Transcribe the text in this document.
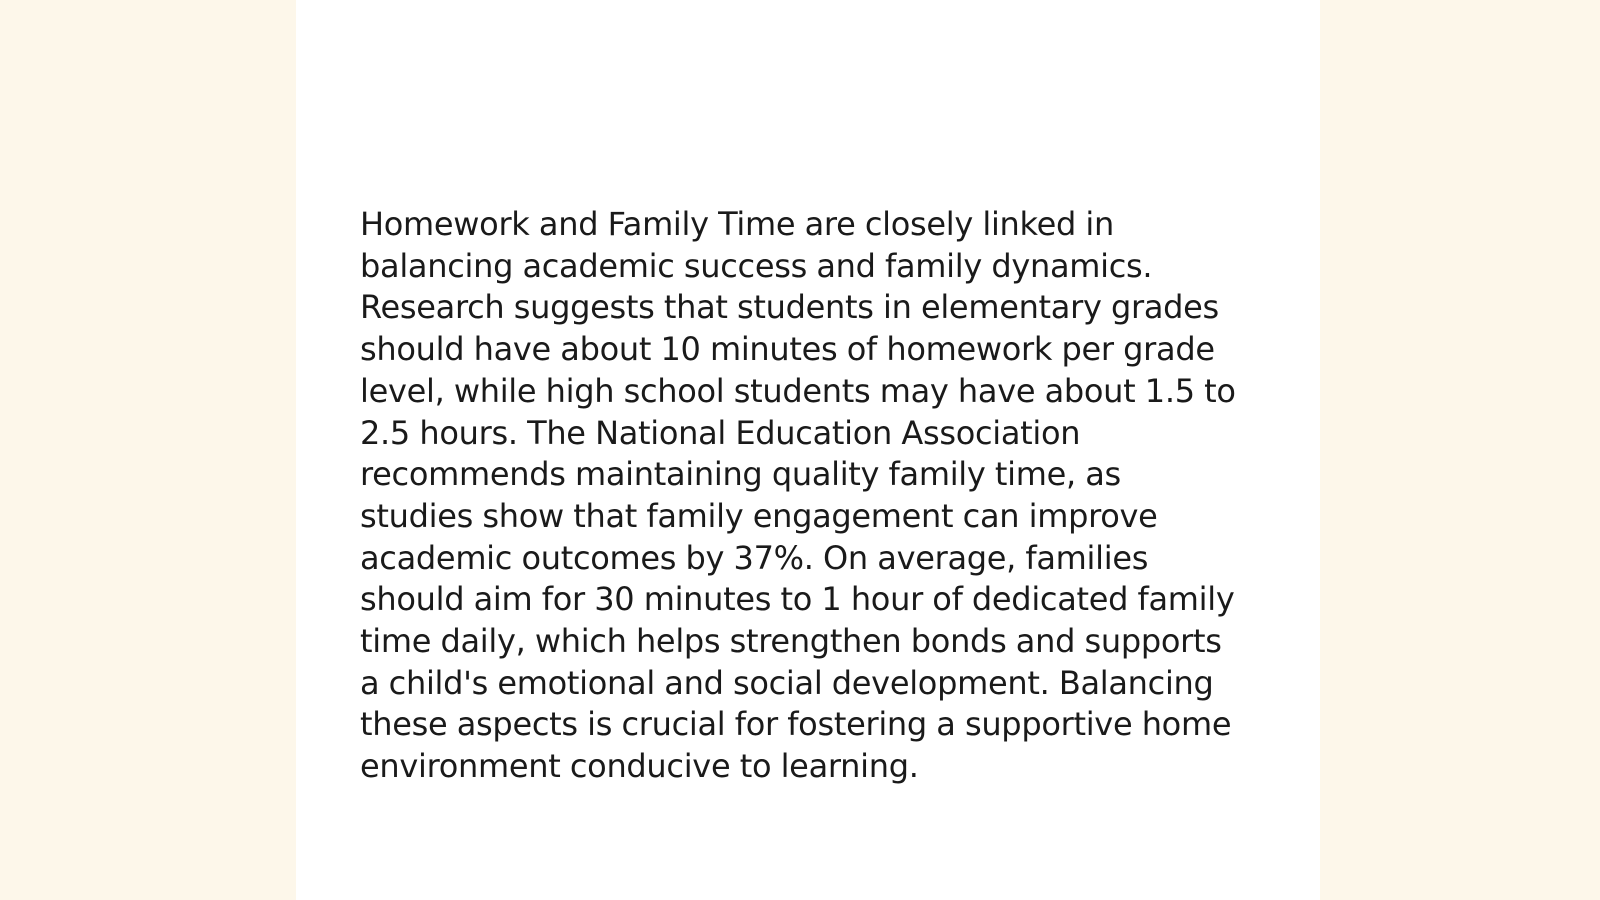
Homework and Family Time are closely linked in balancing academic success and family dynamics. Research suggests that students in elementary grades should have about 10 minutes of homework per grade level, while high school students may have about 1.5 to 2.5 hours. The National Education Association recommends maintaining quality family time, as studies show that family engagement can improve academic outcomes by 37%. On average, families should aim for 30 minutes to 1 hour of dedicated family time daily, which helps strengthen bonds and supports a child's emotional and social development. Balancing these aspects is crucial for fostering a supportive home environment conducive to learning.
